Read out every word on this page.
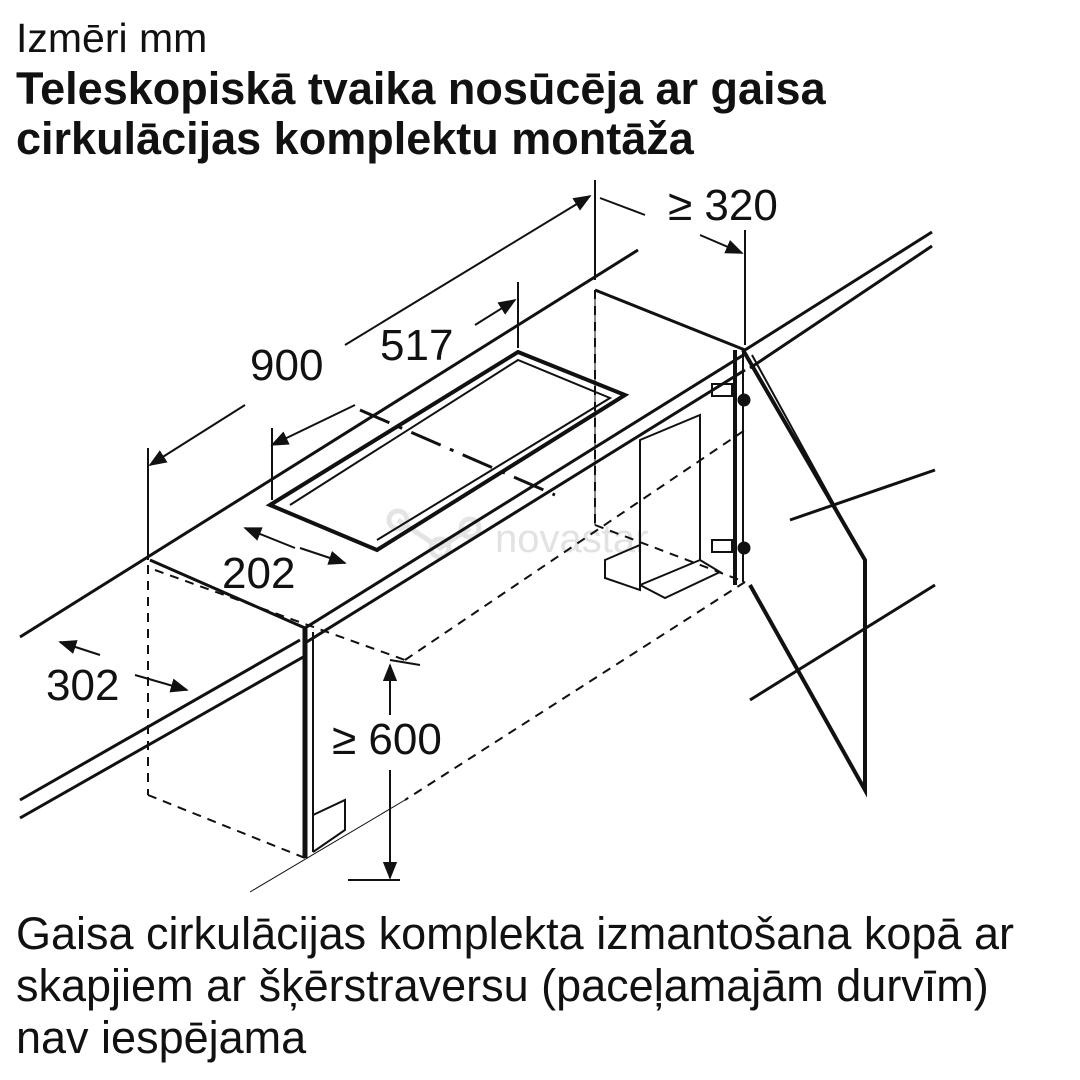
Izmēri mm
Teleskopiskā tvaika nosūcēja ar gaisa cirkulācijas komplektu montāža
novastar
≥ 320
900 517
202
302
≥ 600
Gaisa cirkulācijas komplekta izmantošana kopā ar skapjiem ar šķērstraversu (paceļamajām durvīm) nav iespējama
